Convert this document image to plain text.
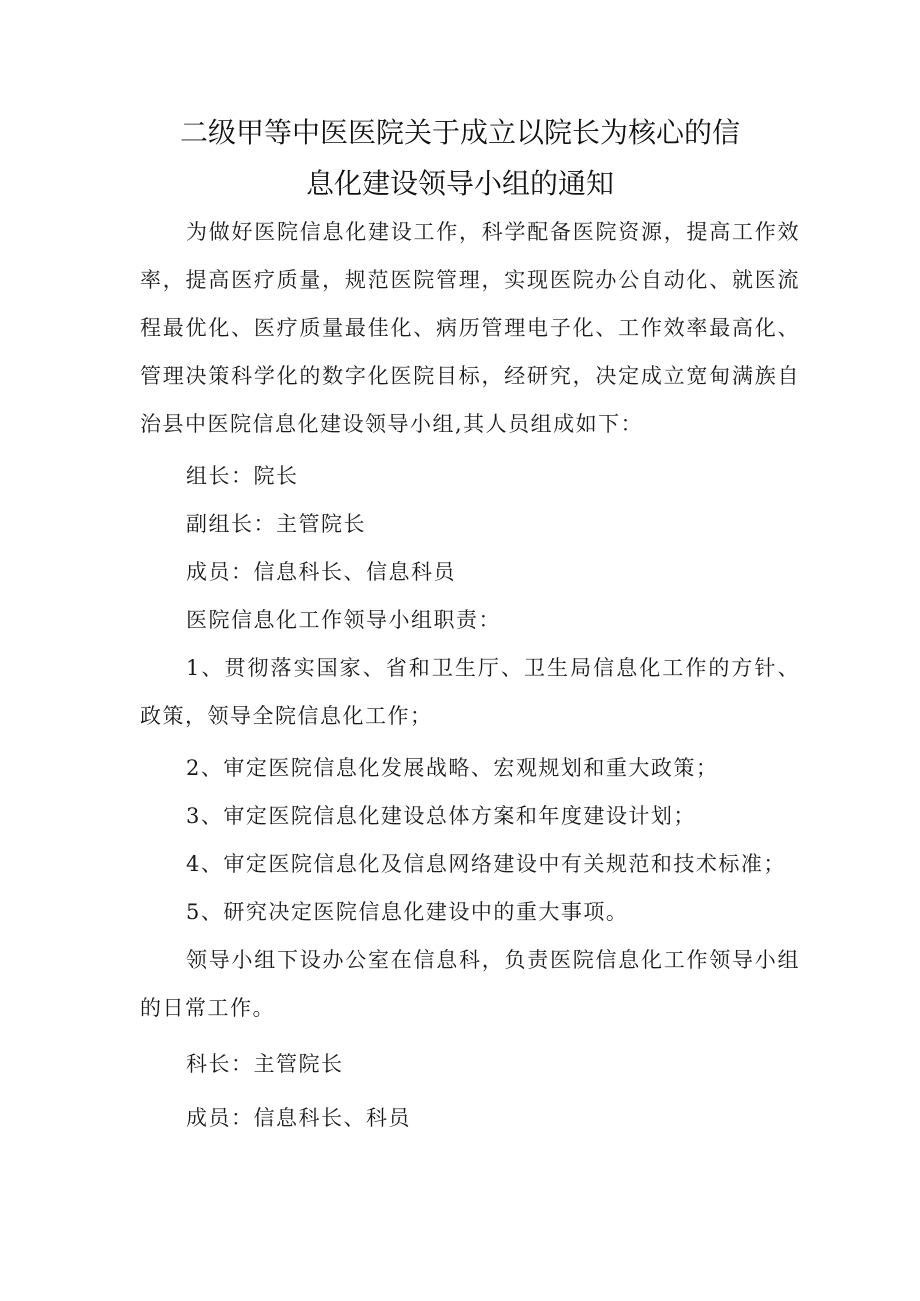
二级甲等中医医院关于成立以院长为核心的信
息化建设领导小组的通知

为做好医院信息化建设工作，科学配备医院资源，提高工作效率，提高医疗质量，规范医院管理，实现医院办公自动化、就医流程最优化、医疗质量最佳化、病历管理电子化、工作效率最高化、管理决策科学化的数字化医院目标，经研究，决定成立宽甸满族自治县中医院信息化建设领导小组,其人员组成如下：

组长：院长

副组长：主管院长

成员：信息科长、信息科员

医院信息化工作领导小组职责：

1、贯彻落实国家、省和卫生厅、卫生局信息化工作的方针、政策，领导全院信息化工作；

2、审定医院信息化发展战略、宏观规划和重大政策；

3、审定医院信息化建设总体方案和年度建设计划；

4、审定医院信息化及信息网络建设中有关规范和技术标准；

5、研究决定医院信息化建设中的重大事项。

领导小组下设办公室在信息科，负责医院信息化工作领导小组的日常工作。

科长：主管院长

成员：信息科长、科员
